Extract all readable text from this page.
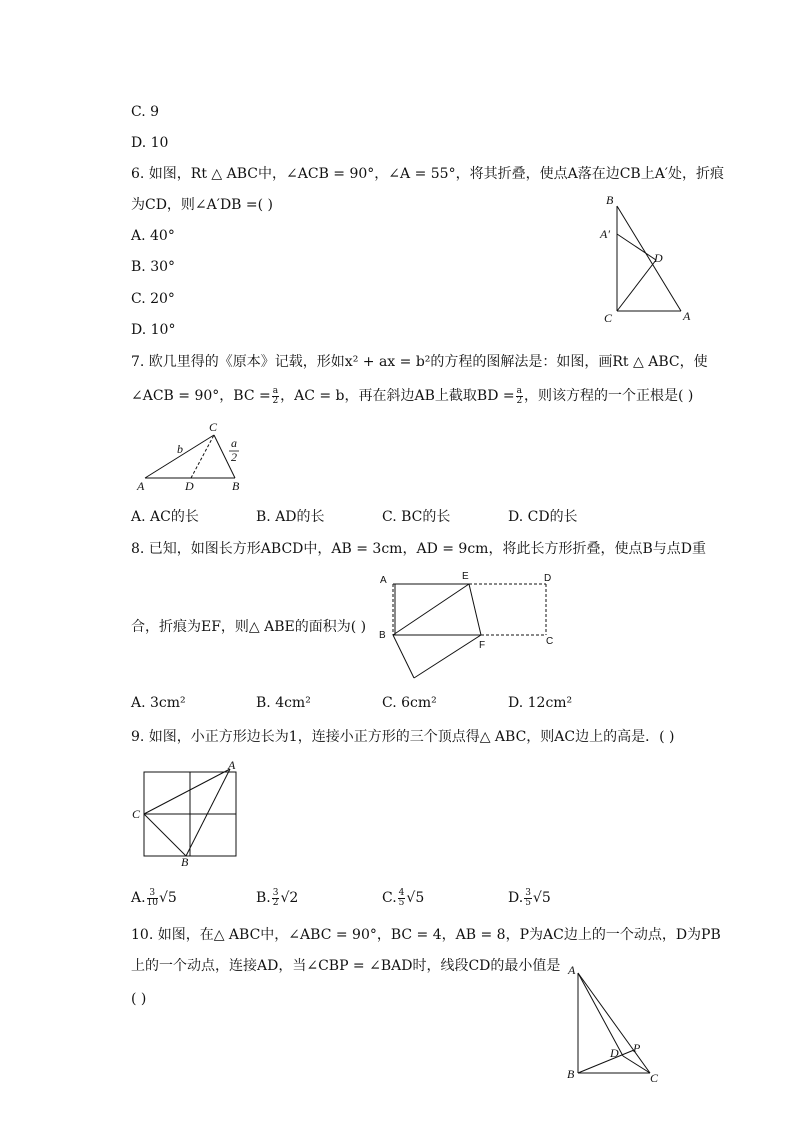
C. 9
D. 10
6. 如图，Rt △ ABC中，∠ACB = 90°，∠A = 55°，将其折叠，使点A落在边CB上A′处，折痕
为CD，则∠A′DB =( )
A. 40°
B. 30°
C. 20°
D. 10°
B
A′
D
C	A
7. 欧几里得的《原本》记载，形如x² + ax = b²的方程的图解法是：如图，画Rt △ ABC，使
∠ACB = 90°，BC = $\frac{a}{2}$ ，AC = b，再在斜边AB上截取BD = $\frac{a}{2}$ ，则该方程的一个正根是( )
C
b	a
2
A	D	B
A. AC的长	B. AD的长	C. BC的长	D. CD的长
8. 已知，如图长方形ABCD中，AB = 3cm，AD = 9cm，将此长方形折叠，使点B与点D重
合，折痕为EF，则△ ABE的面积为( )
A	E	D
B
F	C
A. 3cm²	B. 4cm²	C. 6cm²	D. 12cm²
9. 如图，小正方形边长为1，连接小正方形的三个顶点得△ ABC，则AC边上的高是．( )
A
C
B
A. $\frac{3}{10} √5$	B. $\frac{3}{2} √2$	C. $\frac{4}{5} √5$	D. $\frac{3}{5} √5$
10. 如图，在△ ABC中，∠ABC = 90°，BC = 4，AB = 8，P为AC边上的一个动点，D为PB
上的一个动点，连接AD，当∠CBP = ∠BAD时，线段CD的最小值是
( )
A
D P
B	C
